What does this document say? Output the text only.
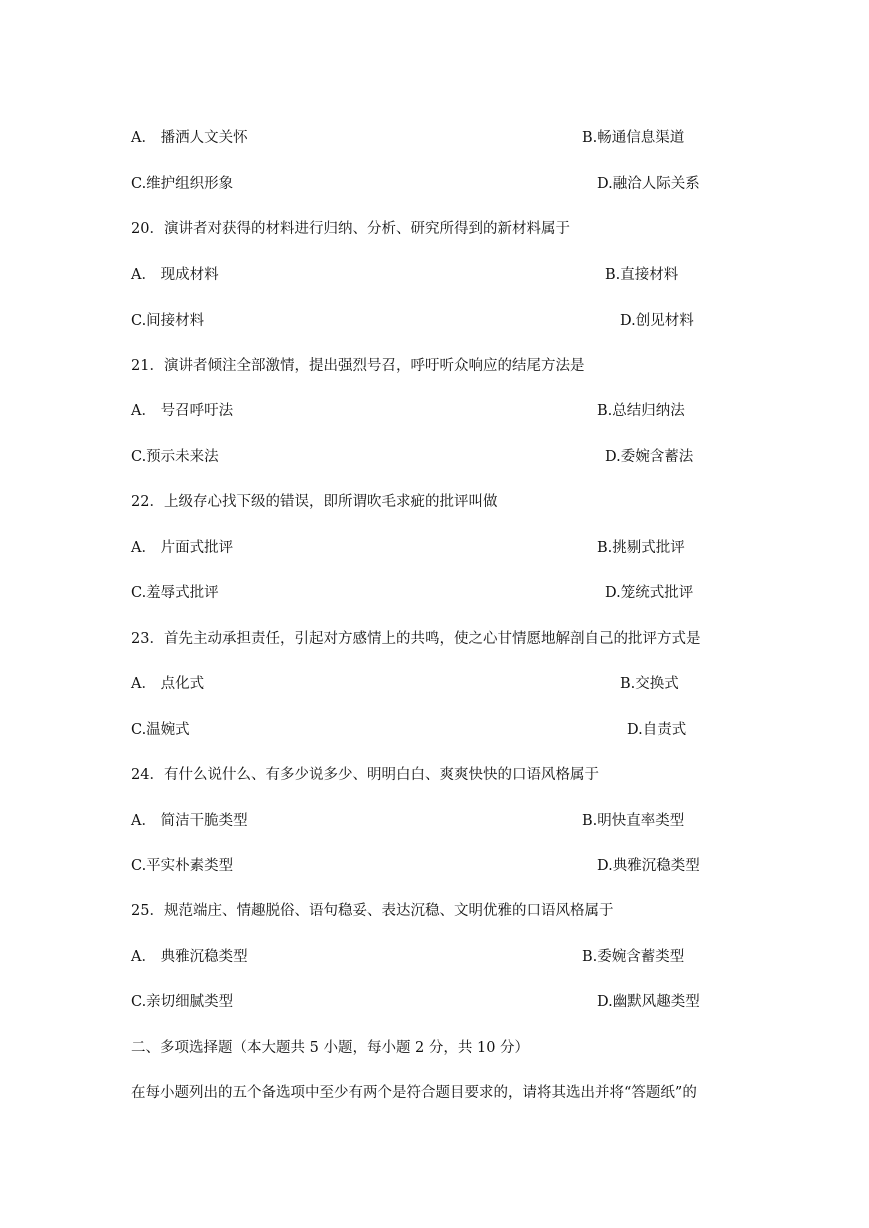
A． 播洒人文关怀	B.畅通信息渠道
C.维护组织形象	D.融洽人际关系
20．演讲者对获得的材料进行归纳、分析、研究所得到的新材料属于
A． 现成材料	B.直接材料
C.间接材料	D.创见材料
21．演讲者倾注全部激情，提出强烈号召，呼吁听众响应的结尾方法是
A． 号召呼吁法	B.总结归纳法
C.预示未来法	D.委婉含蓄法
22．上级存心找下级的错误，即所谓吹毛求疵的批评叫做
A． 片面式批评	B.挑剔式批评
C.羞辱式批评	D.笼统式批评
23．首先主动承担责任，引起对方感情上的共鸣，使之心甘情愿地解剖自己的批评方式是
A． 点化式	B.交换式
C.温婉式	D.自责式
24．有什么说什么、有多少说多少、明明白白、爽爽快快的口语风格属于
A． 简洁干脆类型	B.明快直率类型
C.平实朴素类型	D.典雅沉稳类型
25．规范端庄、情趣脱俗、语句稳妥、表达沉稳、文明优雅的口语风格属于
A． 典雅沉稳类型	B.委婉含蓄类型
C.亲切细腻类型	D.幽默风趣类型
二、多项选择题（本大题共 5 小题，每小题 2 分，共 10 分）
在每小题列出的五个备选项中至少有两个是符合题目要求的，请将其选出并将“答题纸”的
